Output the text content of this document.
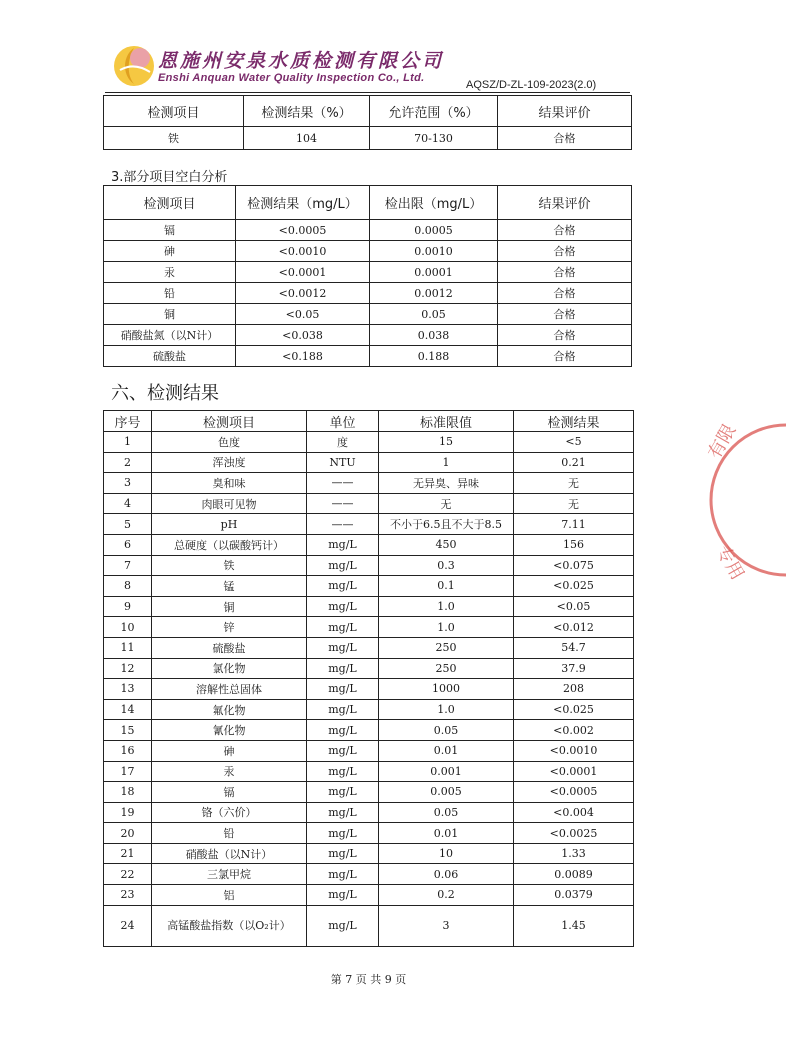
恩施州安泉水质检测有限公司
Enshi Anquan Water Quality Inspection Co., Ltd.
AQSZ/D-ZL-109-2023(2.0)
检测项目	检测结果（%）	允许范围（%）	结果评价
铁	104	70-130	合格
3.部分项目空白分析
检测项目	检测结果（mg/L）	检出限（mg/L）	结果评价
镉	<0.0005	0.0005	合格
砷	<0.0010	0.0010	合格
汞	<0.0001	0.0001	合格
铅	<0.0012	0.0012	合格
铜	<0.05	0.05	合格
硝酸盐氮（以N计）	<0.038	0.038	合格
硫酸盐	<0.188	0.188	合格
六、检测结果
序号	检测项目	单位	标准限值	检测结果
1	色度	度	15	<5
2	浑浊度	NTU	1	0.21
3	臭和味	——	无异臭、异味	无
4	肉眼可见物	——	无	无
5	pH	——	不小于6.5且不大于8.5	7.11
6	总硬度（以碳酸钙计）	mg/L	450	156
7	铁	mg/L	0.3	<0.075
8	锰	mg/L	0.1	<0.025
9	铜	mg/L	1.0	<0.05
10	锌	mg/L	1.0	<0.012
11	硫酸盐	mg/L	250	54.7
12	氯化物	mg/L	250	37.9
13	溶解性总固体	mg/L	1000	208
14	氟化物	mg/L	1.0	<0.025
15	氰化物	mg/L	0.05	<0.002
16	砷	mg/L	0.01	<0.0010
17	汞	mg/L	0.001	<0.0001
18	镉	mg/L	0.005	<0.0005
19	铬（六价）	mg/L	0.05	<0.004
20	铅	mg/L	0.01	<0.0025
21	硝酸盐（以N计）	mg/L	10	1.33
22	三氯甲烷	mg/L	0.06	0.0089
23	铝	mg/L	0.2	0.0379
24	高锰酸盐指数（以O₂计）	mg/L	3	1.45
第 7 页 共 9 页
有限
专用
